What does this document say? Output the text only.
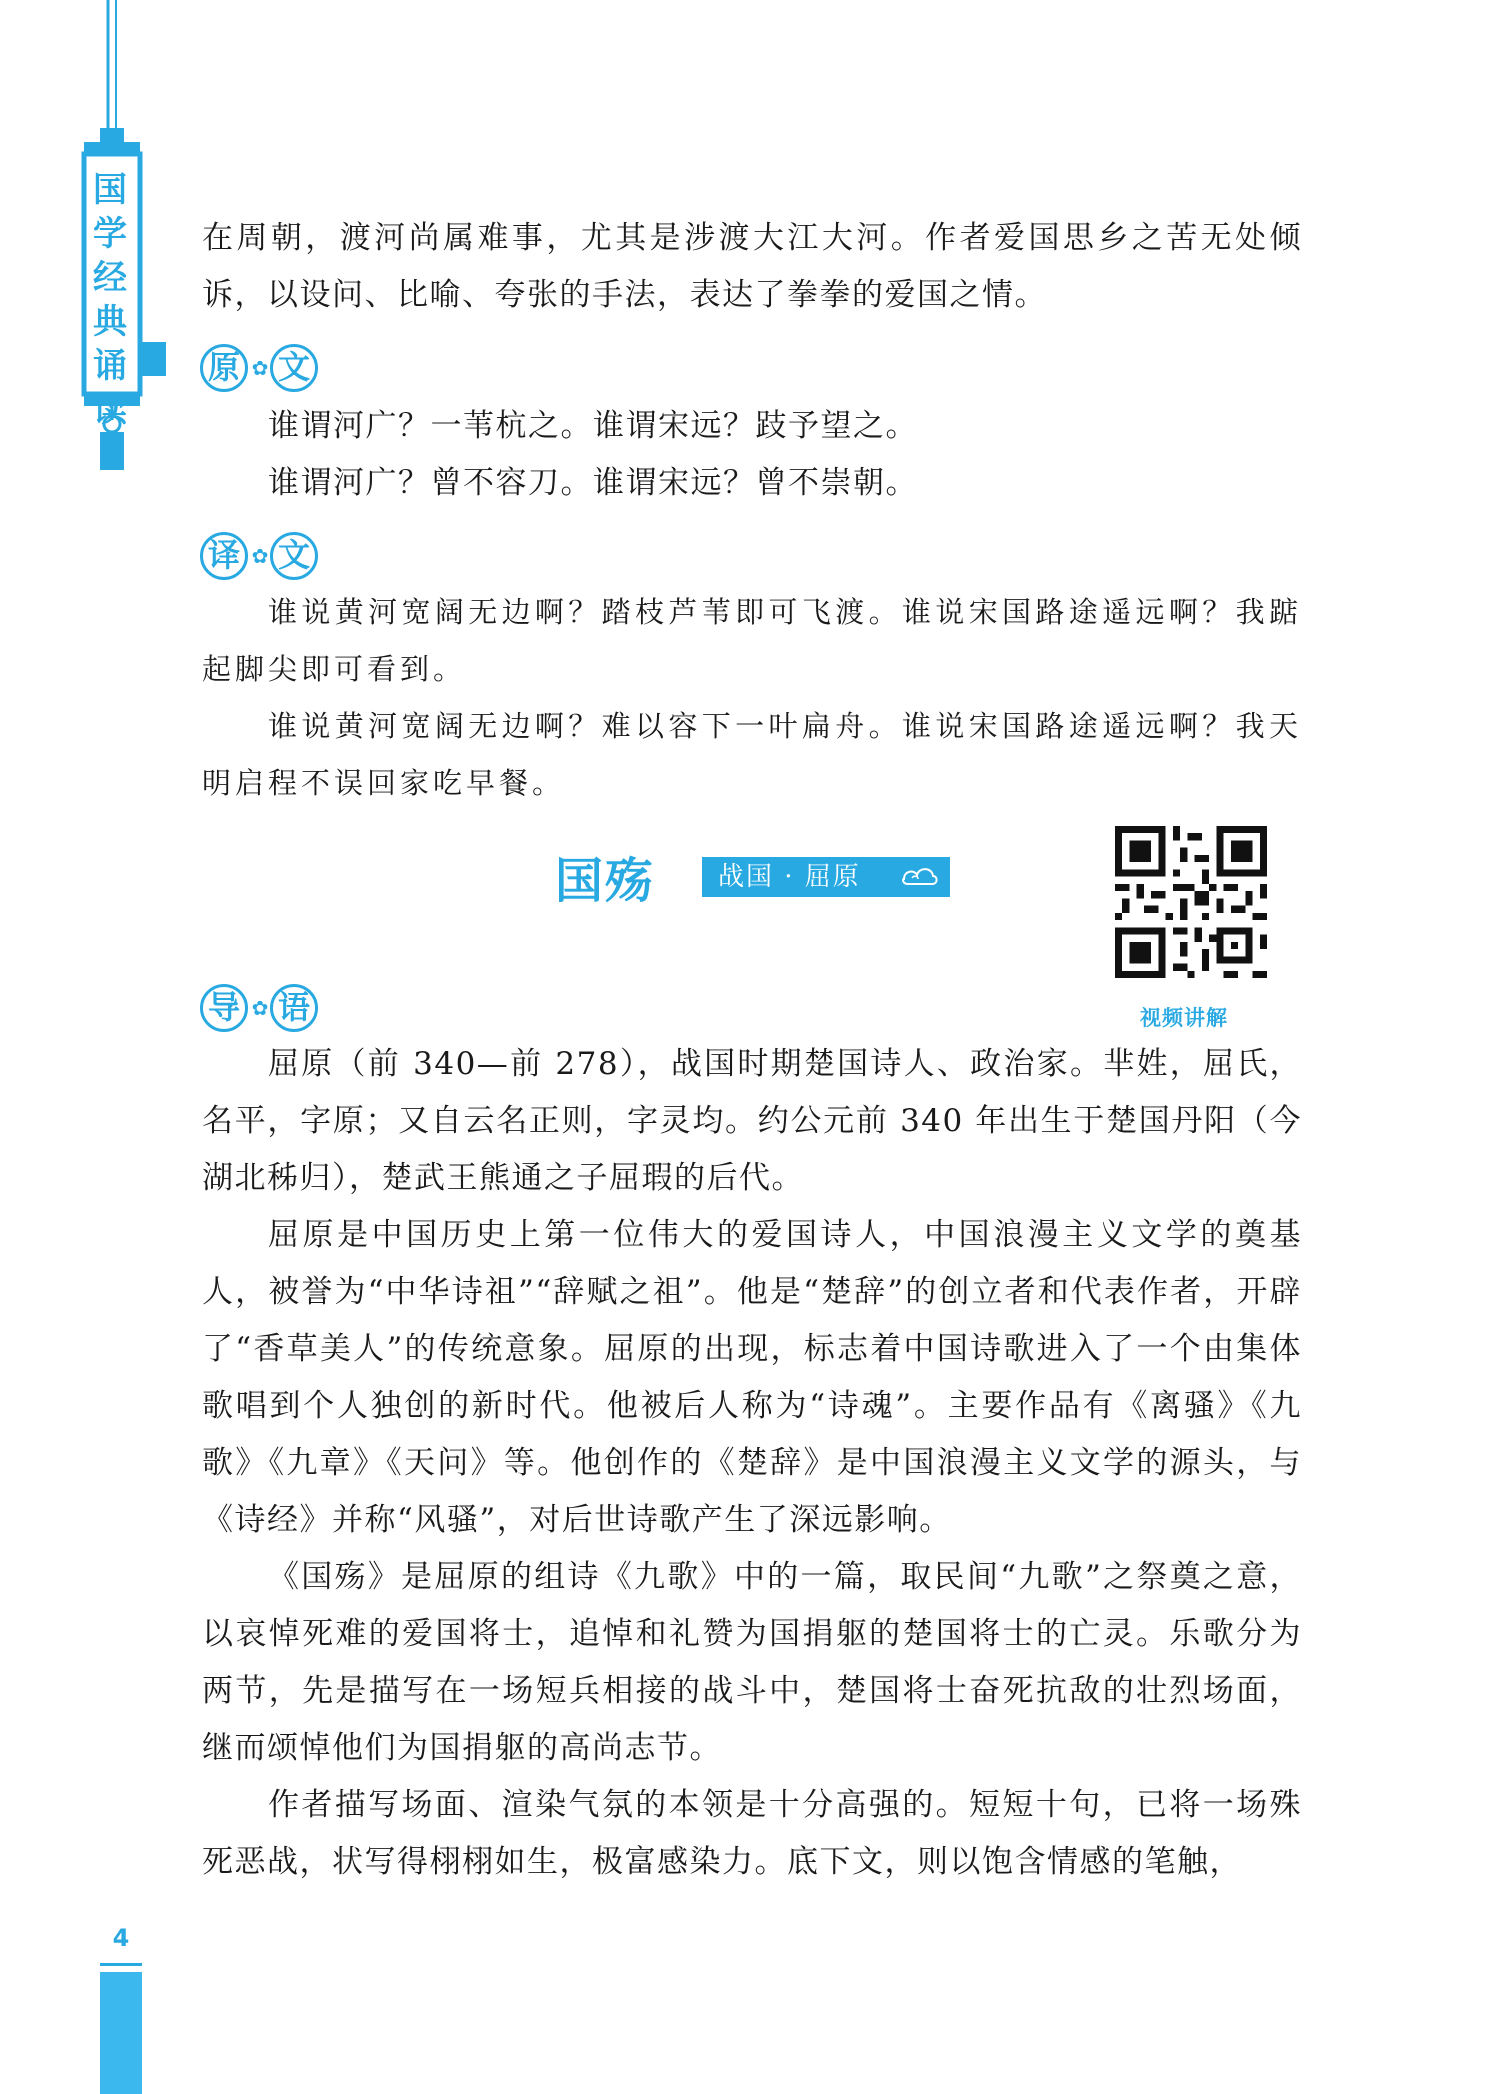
国
学
经
典
诵
读

在周朝，渡河尚属难事，尤其是涉渡大江大河。作者爱国思乡之苦无处倾诉，以设问、比喻、夸张的手法，表达了拳拳的爱国之情。

原 ✿ 文

谁谓河广？一苇杭之。谁谓宋远？跂予望之。

谁谓河广？曾不容刀。谁谓宋远？曾不崇朝。

译 ✿ 文

谁说黄河宽阔无边啊？踏枝芦苇即可飞渡。谁说宋国路途遥远啊？我踮起脚尖即可看到。

谁说黄河宽阔无边啊？难以容下一叶扁舟。谁说宋国路途遥远啊？我天明启程不误回家吃早餐。

国殇	战国 · 屈原
视频讲解
导 ✿ 语

屈原（前 340—前 278），战国时期楚国诗人、政治家。芈姓，屈氏，名平，字原；又自云名正则，字灵均。约公元前 340 年出生于楚国丹阳（今湖北秭归），楚武王熊通之子屈瑕的后代。

屈原是中国历史上第一位伟大的爱国诗人，中国浪漫主义文学的奠基人，被誉为“中华诗祖”“辞赋之祖”。他是“楚辞”的创立者和代表作者，开辟了“香草美人”的传统意象。屈原的出现，标志着中国诗歌进入了一个由集体歌唱到个人独创的新时代。他被后人称为“诗魂”。主要作品有《离骚》《九歌》《九章》《天问》等。他创作的《楚辞》是中国浪漫主义文学的源头，与《诗经》并称“风骚”，对后世诗歌产生了深远影响。

《国殇》是屈原的组诗《九歌》中的一篇，取民间“九歌”之祭奠之意，以哀悼死难的爱国将士，追悼和礼赞为国捐躯的楚国将士的亡灵。乐歌分为两节，先是描写在一场短兵相接的战斗中，楚国将士奋死抗敌的壮烈场面，继而颂悼他们为国捐躯的高尚志节。

作者描写场面、渲染气氛的本领是十分高强的。短短十句，已将一场殊死恶战，状写得栩栩如生，极富感染力。底下文，则以饱含情感的笔触，

4
